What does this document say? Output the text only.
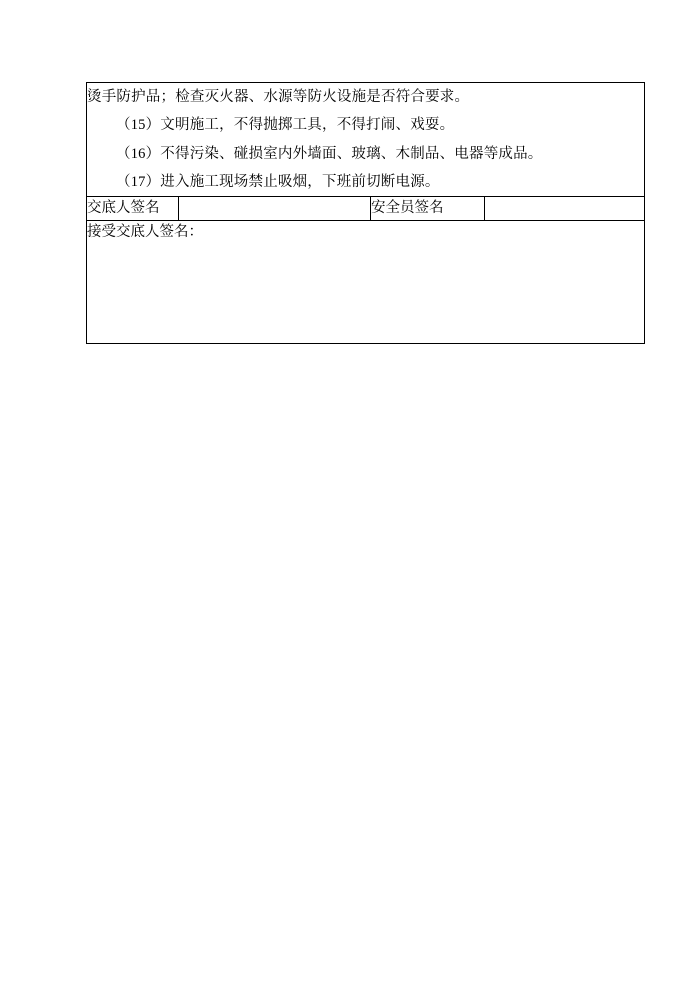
烫手防护品；检查灭火器、水源等防火设施是否符合要求。
（15）文明施工，不得抛掷工具，不得打闹、戏耍。
（16）不得污染、碰损室内外墙面、玻璃、木制品、电器等成品。
（17）进入施工现场禁止吸烟，下班前切断电源。

交底人签名		安全员签名	

接受交底人签名：
